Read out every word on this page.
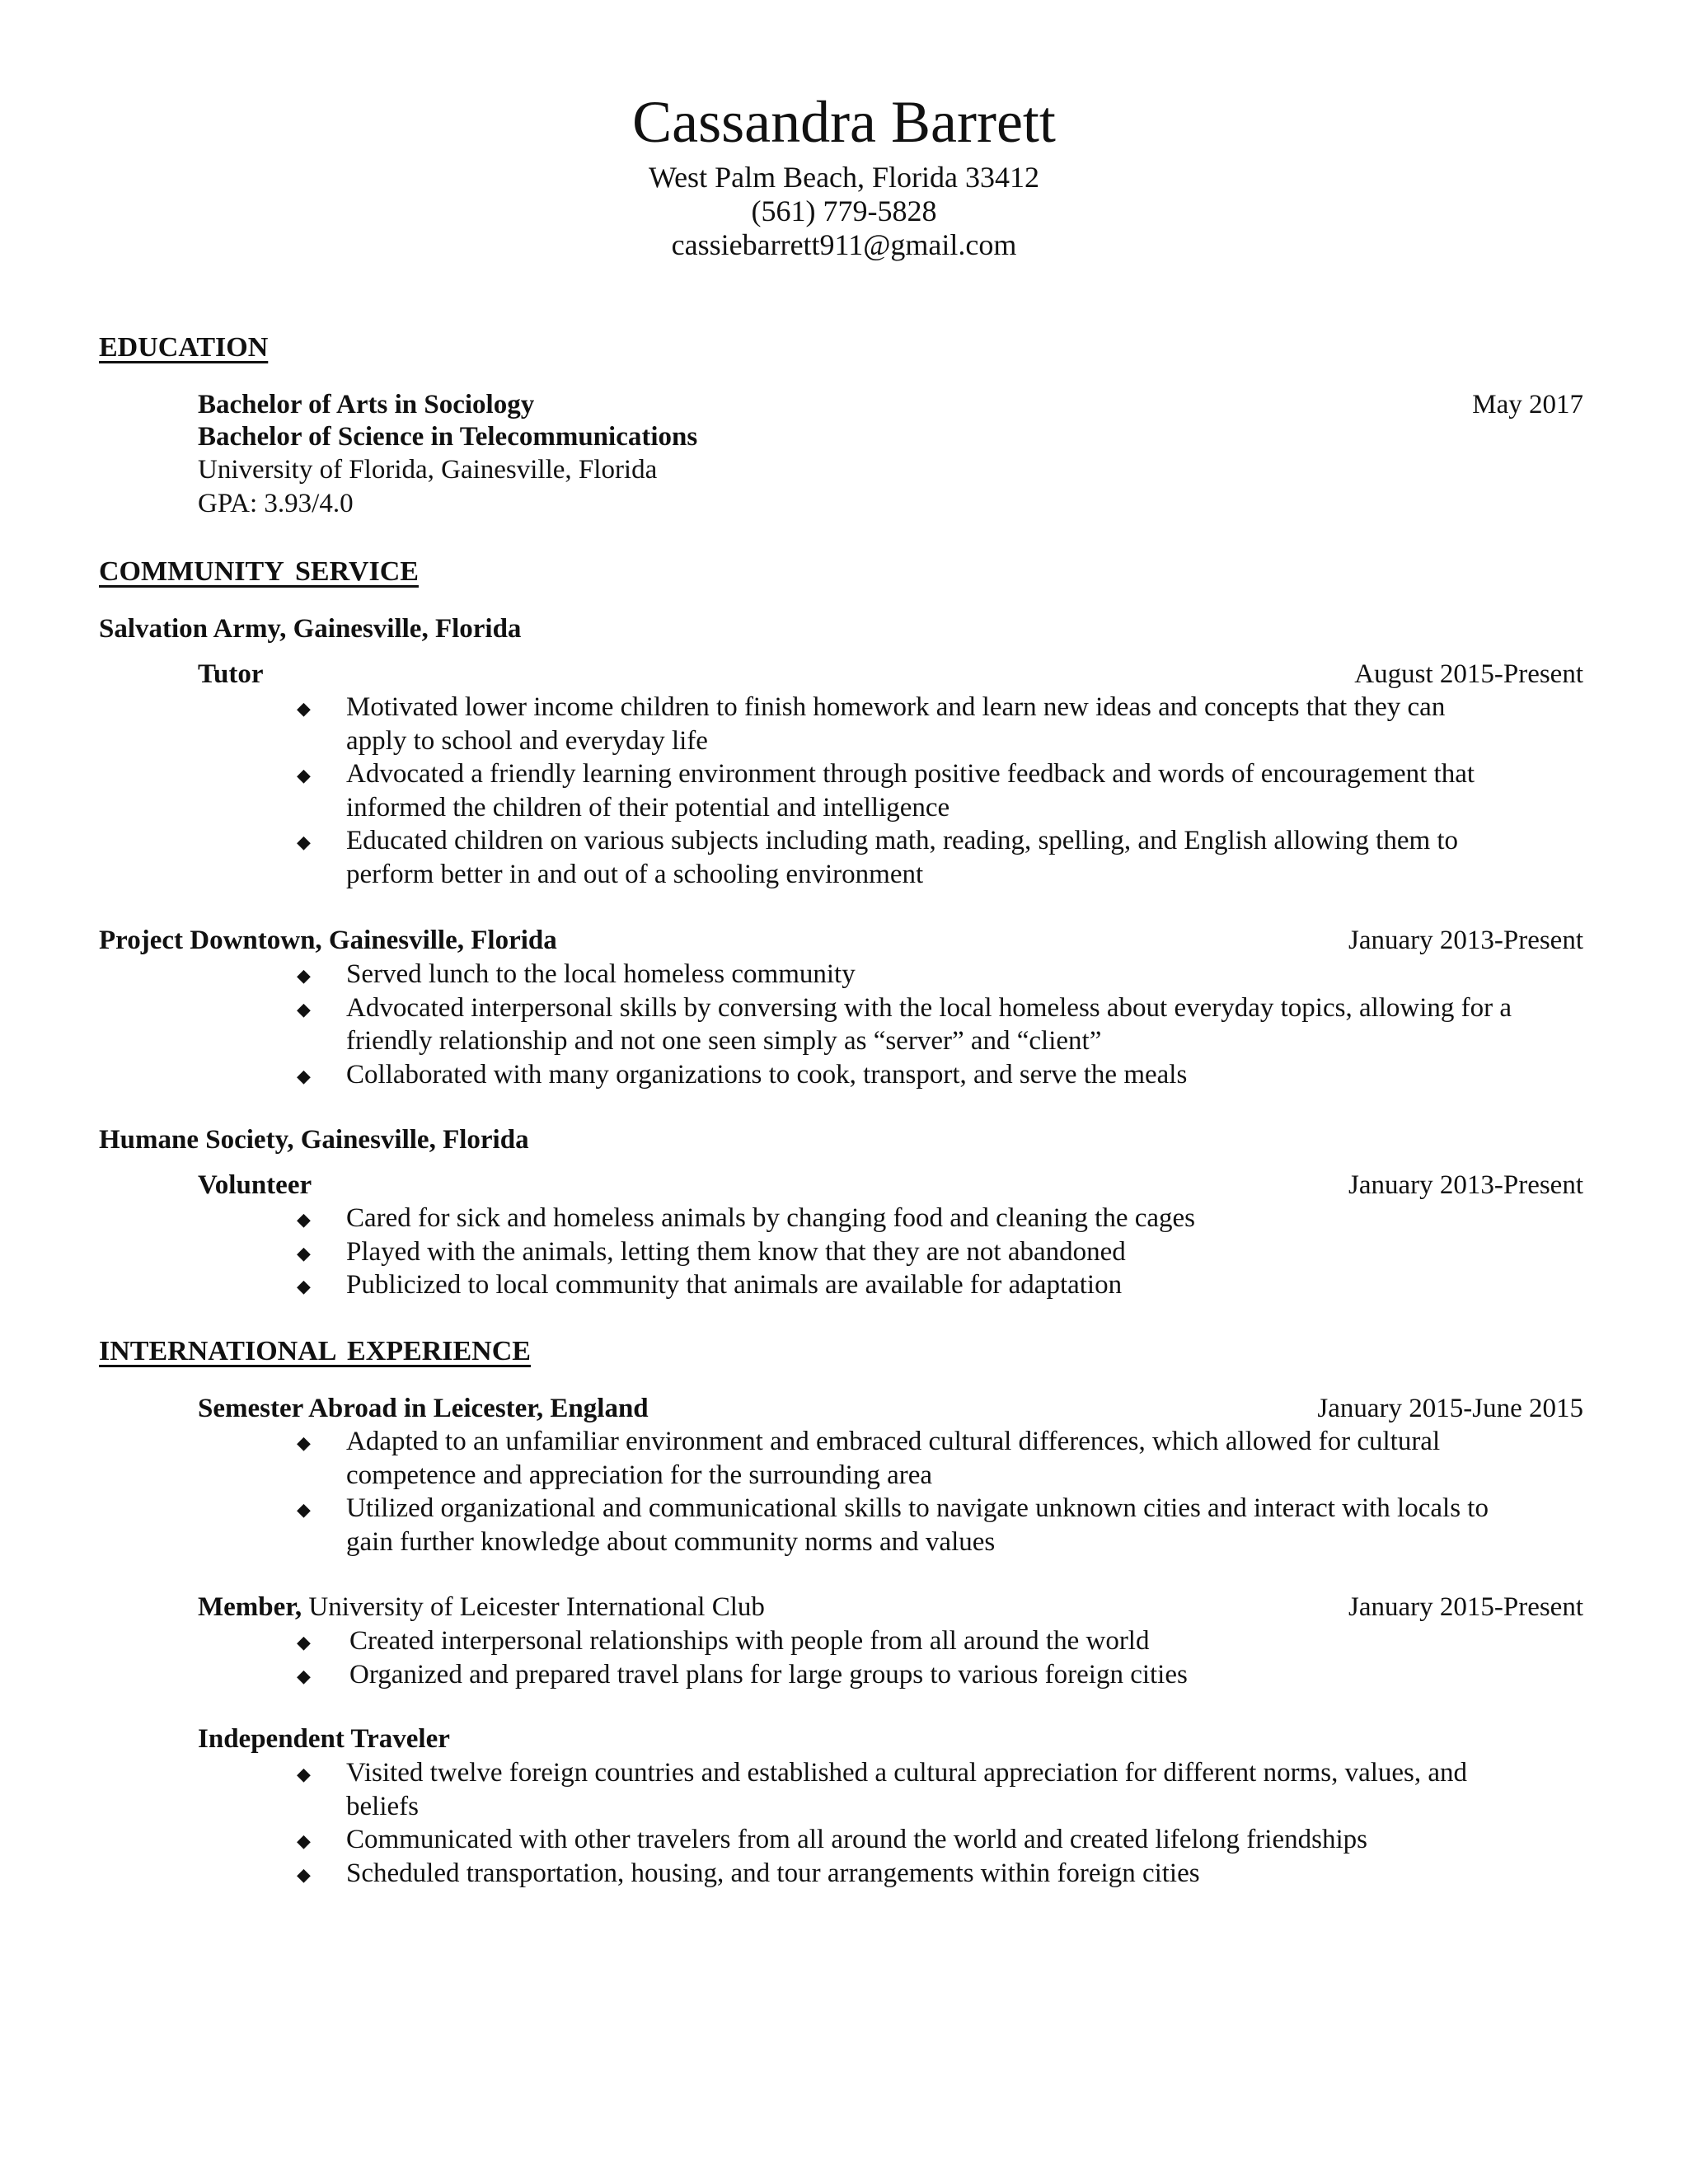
Cassandra Barrett
West Palm Beach, Florida 33412
(561) 779-5828
cassiebarrett911@gmail.com
EDUCATION
Bachelor of Arts in Sociology	May 2017
Bachelor of Science in Telecommunications
University of Florida, Gainesville, Florida
GPA: 3.93/4.0
COMMUNITY SERVICE
Salvation Army, Gainesville, Florida
Tutor	August 2015-Present
Project Downtown, Gainesville, Florida	January 2013-Present
Humane Society, Gainesville, Florida
Volunteer	January 2013-Present
INTERNATIONAL EXPERIENCE
Semester Abroad in Leicester, England	January 2015-June 2015
Member, University of Leicester International Club	January 2015-Present
Independent Traveler
◆ Motivated lower income children to finish homework and learn new ideas and concepts that they can
apply to school and everyday life
◆ Advocated a friendly learning environment through positive feedback and words of encouragement that
informed the children of their potential and intelligence
◆ Educated children on various subjects including math, reading, spelling, and English allowing them to
perform better in and out of a schooling environment
◆ Served lunch to the local homeless community
◆ Advocated interpersonal skills by conversing with the local homeless about everyday topics, allowing for a
friendly relationship and not one seen simply as “server” and “client”
◆ Collaborated with many organizations to cook, transport, and serve the meals
◆ Cared for sick and homeless animals by changing food and cleaning the cages
◆ Played with the animals, letting them know that they are not abandoned
◆ Publicized to local community that animals are available for adaptation
◆ Adapted to an unfamiliar environment and embraced cultural differences, which allowed for cultural
competence and appreciation for the surrounding area
◆ Utilized organizational and communicational skills to navigate unknown cities and interact with locals to
gain further knowledge about community norms and values
◆ Created interpersonal relationships with people from all around the world
◆ Organized and prepared travel plans for large groups to various foreign cities
◆ Visited twelve foreign countries and established a cultural appreciation for different norms, values, and
beliefs
◆ Communicated with other travelers from all around the world and created lifelong friendships
◆ Scheduled transportation, housing, and tour arrangements within foreign cities
